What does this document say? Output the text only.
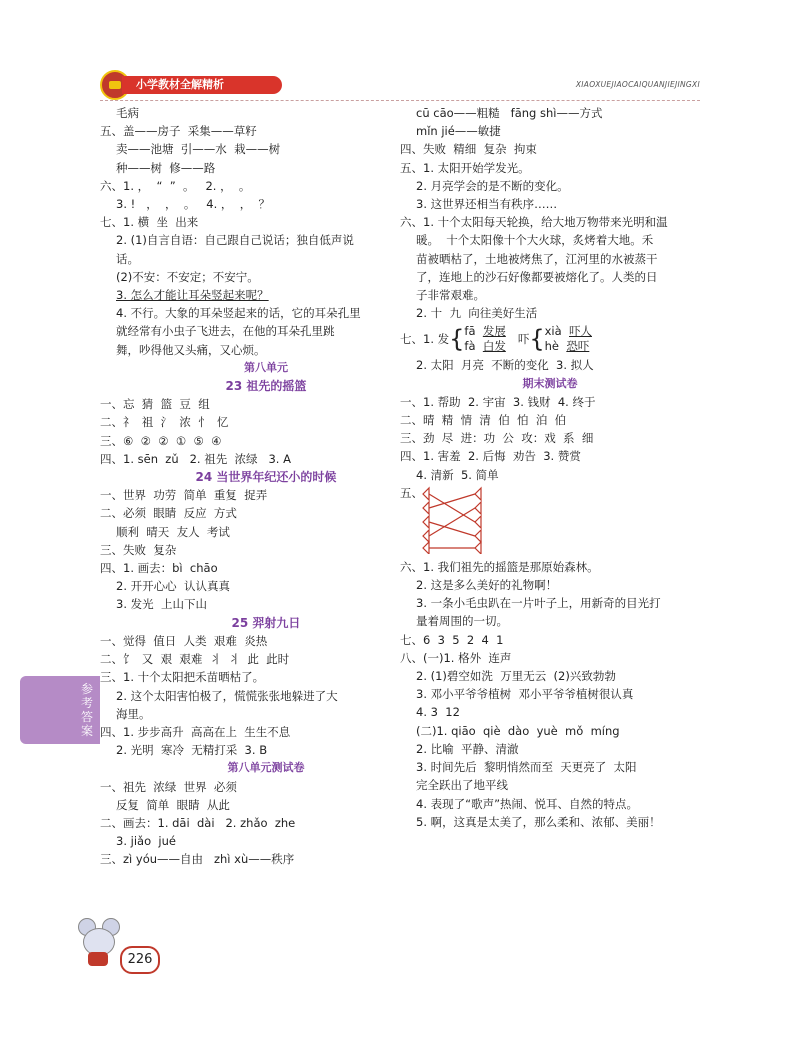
小学教材全解精析	XIAOXUEJIAOCAIQUANJIEJINGXI
毛病
五、盖——房子  采集——草籽
卖——池塘  引——水  栽——树
种——树  修——路
六、1. ，  “  ”  。   2. ，  。
3. !   ，  ，  。   4. ，  ，  ？
七、1. 横  坐  出来
2. (1)自言自语：自己跟自己说话；独自低声说
话。
(2)不安：不安定；不安宁。
3. 怎么才能让耳朵竖起来呢？
4. 不行。大象的耳朵竖起来的话，它的耳朵孔里
就经常有小虫子飞进去，在他的耳朵孔里跳
舞，吵得他又头痛，又心烦。
第八单元
23 祖先的摇篮
一、忘  猜  篮  豆  组
二、礻  祖  氵  浓  忄  忆
三、⑥  ②  ②  ①  ⑤  ④
四、1. sēn  zǔ   2. 祖先  浓绿   3. A
24 当世界年纪还小的时候
一、世界  功劳  简单  重复  捉弄
二、必须  眼睛  反应  方式
顺利  晴天  友人  考试
三、失败  复杂
四、1. 画去：bì  chāo
2. 开开心心  认认真真
3. 发光  上山下山
25 羿射九日
一、觉得  值日  人类  艰难  炎热
二、饣  又  艰  艰难  丬  丬  此  此时
三、1. 十个太阳把禾苗晒枯了。
2. 这个太阳害怕极了，慌慌张张地躲进了大
海里。
四、1. 步步高升  高高在上  生生不息
2. 光明  寒冷  无精打采  3. B
第八单元测试卷
一、祖先  浓绿  世界  必须
反复  简单  眼睛  从此
二、画去：1. dāi  dài   2. zhǎo  zhe
3. jiǎo  jué
三、zì yóu——自由   zhì xù——秩序
cū cāo——粗糙   fāng shì——方式
mǐn jié——敏捷
四、失败  精细  复杂  拘束
五、1. 太阳开始学发光。
2. 月亮学会的是不断的变化。
3. 这世界还相当有秩序……
六、1. 十个太阳每天轮换，给大地万物带来光明和温
暖。  十个太阳像十个大火球，炙烤着大地。禾
苗被晒枯了，土地被烤焦了，江河里的水被蒸干
了，连地上的沙石好像都要被熔化了。人类的日
子非常艰难。
2. 十  九  向往美好生活
七、1. 发 { fā 发展
fà 白发
吓 { xià 吓人
hè 恐吓
2. 太阳  月亮  不断的变化  3. 拟人
期末测试卷
一、1. 帮助  2. 宇宙  3. 钱财  4. 终于
二、晴  精  情  清  伯  怕  泊  伯
三、劲  尽  进：功  公  攻：戏  系  细
四、1. 害羞  2. 后悔  劝告  3. 赞赏
4. 清新  5. 简单
五、
六、1. 我们祖先的摇篮是那原始森林。
2. 这是多么美好的礼物啊！
3. 一条小毛虫趴在一片叶子上，用新奇的目光打
量着周围的一切。
七、6  3  5  2  4  1
八、(一)1. 格外  连声
2. (1)碧空如洗  万里无云  (2)兴致勃勃
3. 邓小平爷爷植树  邓小平爷爷植树很认真
4. 3  12
(二)1. qiāo  qiè  dào  yuè  mǒ  míng
2. 比喻  平静、清澈
3. 时间先后  黎明悄然而至  天更亮了  太阳
完全跃出了地平线
4. 表现了“歌声”热闹、悦耳、自然的特点。
5. 啊，这真是太美了，那么柔和、浓郁、美丽！
参考答案
226
